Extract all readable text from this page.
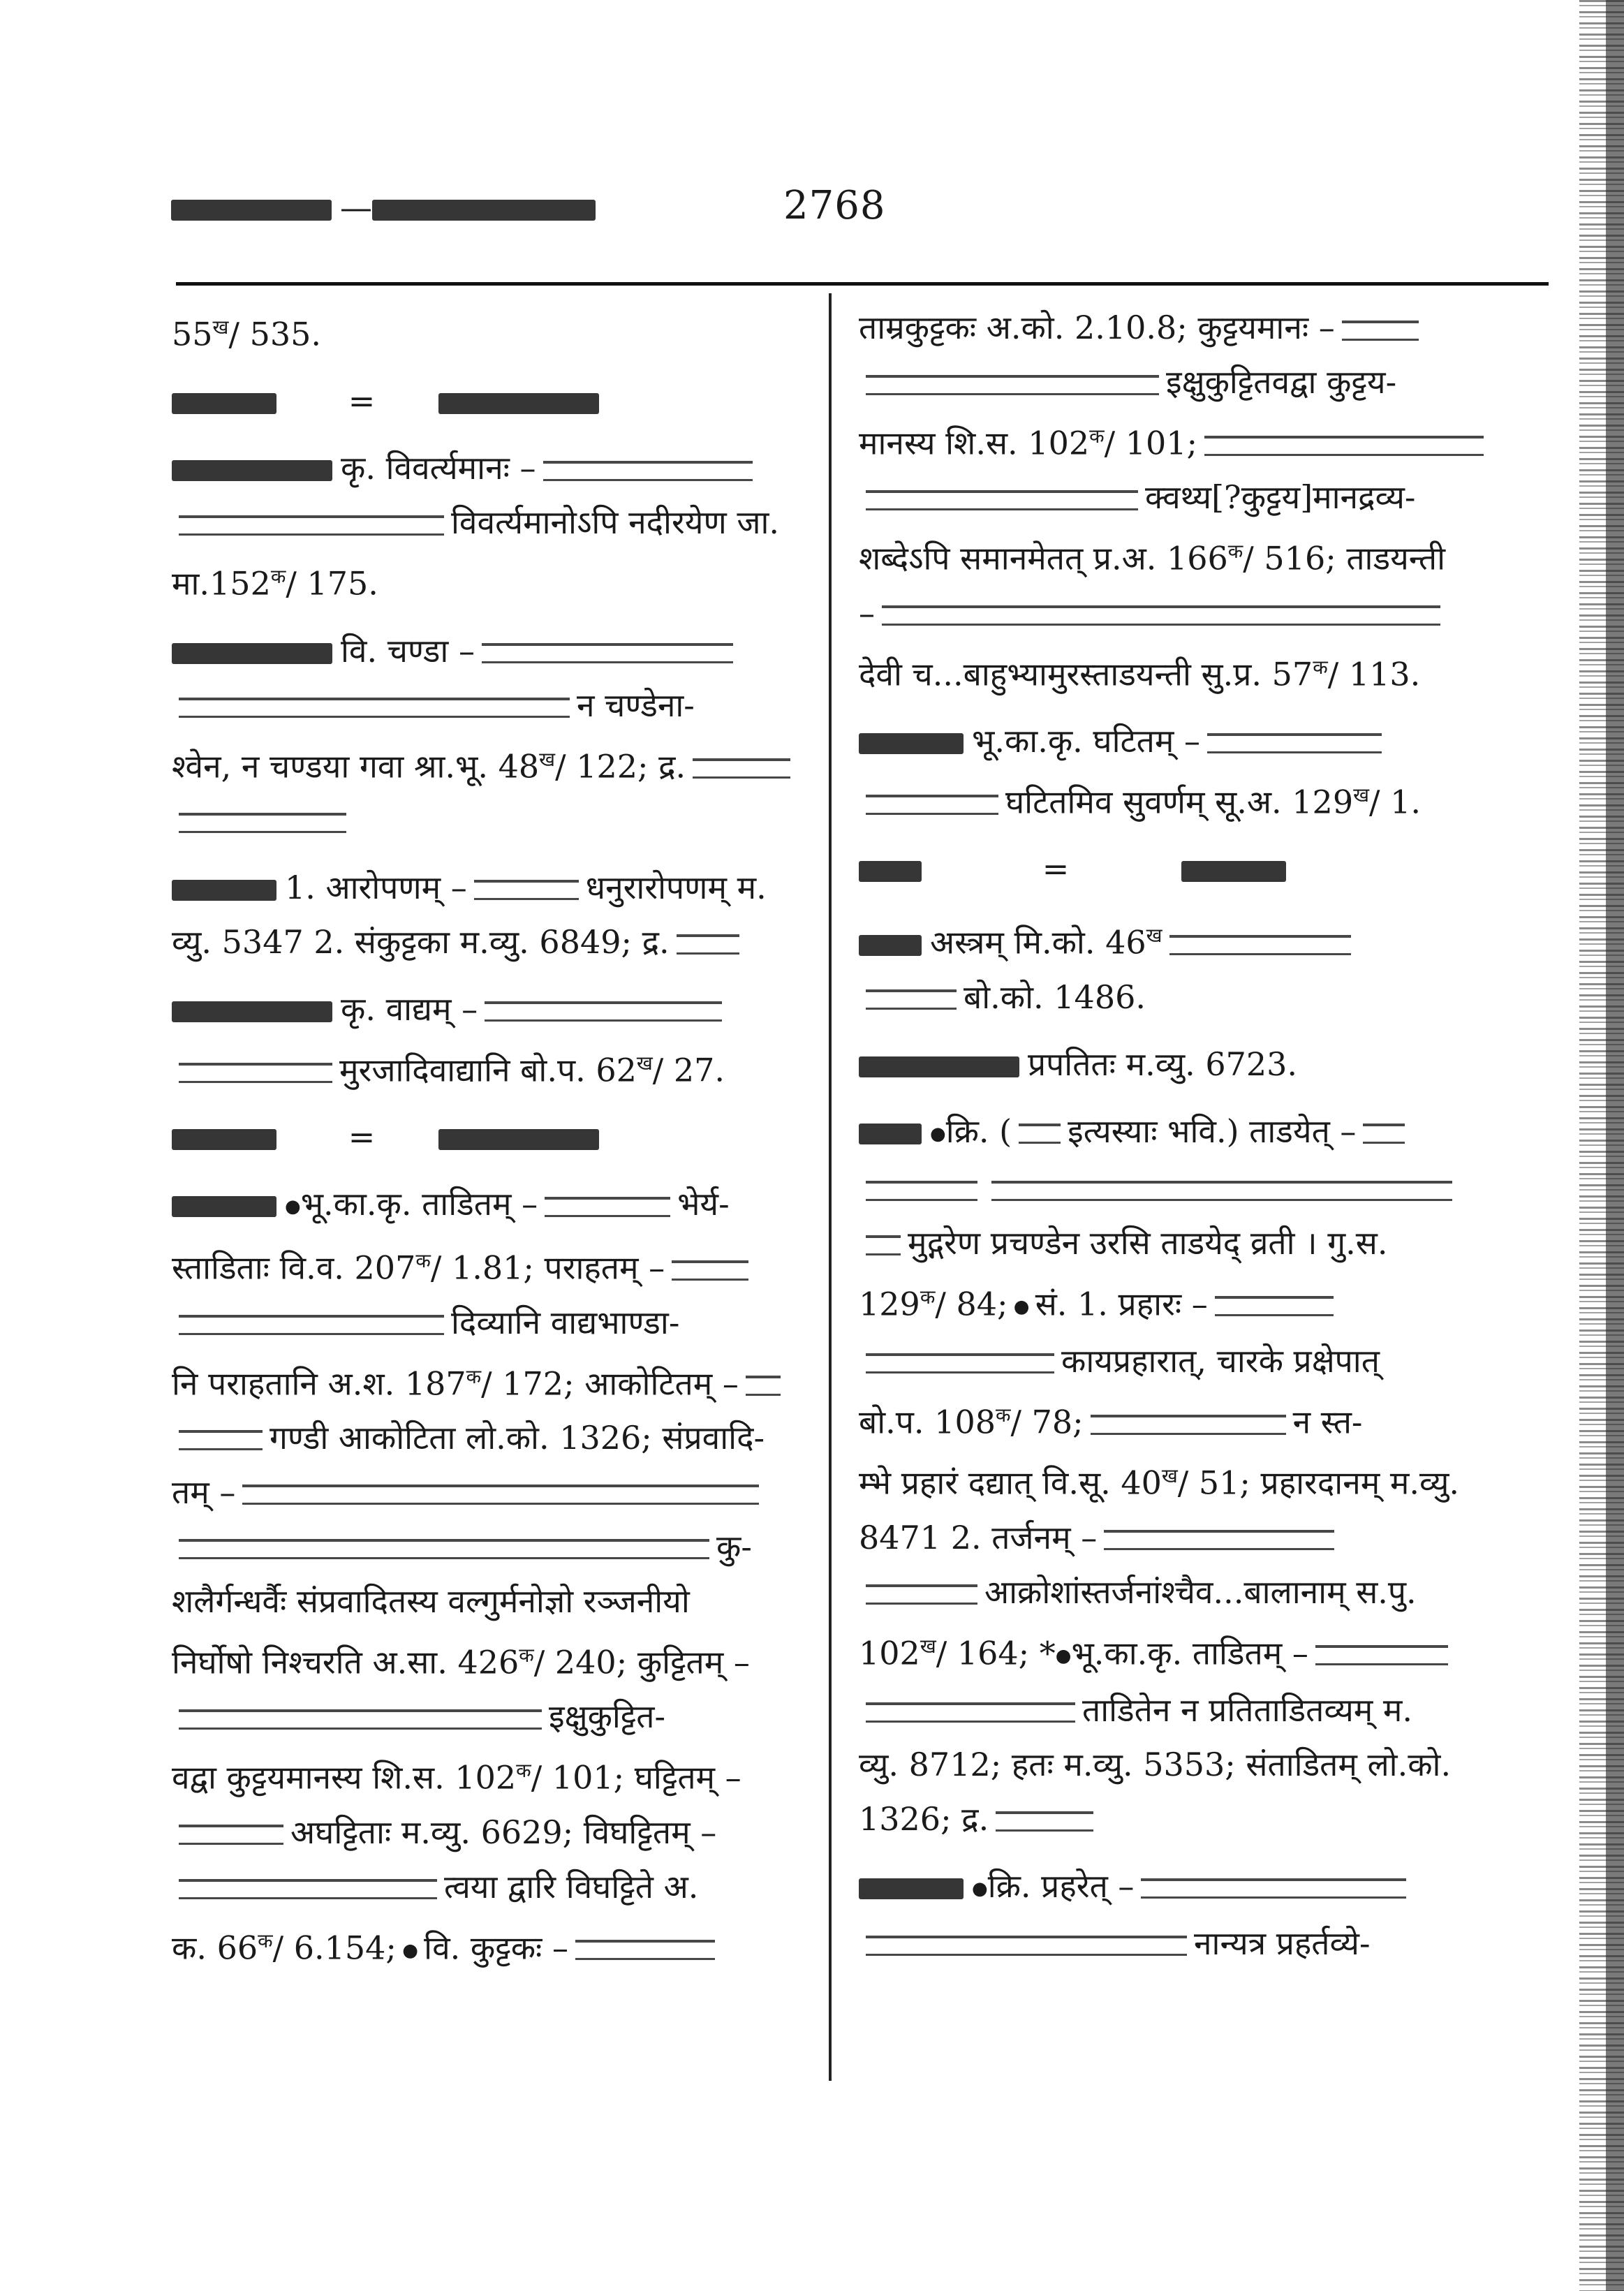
—	2768
$55^ख/$ 535.
=
कृ. विवर्त्यमानः –
विवर्त्यमानोऽपि नदीरयेण जा.
$मा.152^क/$ 175.
वि. चण्डा –
न चण्डेना-
श्वेन, न चण्डया गवा श्रा.भू. $48^ख/$ 122; द्र.
1. आरोपणम् –	धनुरारोपणम् म.
व्यु. 5347 2. संकुट्टका म.व्यु. 6849; द्र.
कृ. वाद्यम् –
मुरजादिवाद्यानि बो.प. $62^ख/$ 27.
=
●भू.का.कृ. ताडितम् –	भेर्य-
स्ताडिताः वि.व. $207^क/$ 1.81; पराहतम् –
दिव्यानि वाद्यभाण्डा-
नि पराहतानि अ.श. $187^क/$ 172; आकोटितम् –
गण्डी आकोटिता लो.को. 1326; संप्रवादि-
तम् –
कु-
शलैर्गन्धर्वैः संप्रवादितस्य वल्गुर्मनोज्ञो रञ्जनीयो
निर्घोषो निश्चरति अ.सा. $426^क/$ 240; कुट्टितम् –
इक्षुकुट्टित-
वद्वा कुट्टयमानस्य शि.स. $102^क/$ 101; घट्टितम् –
अघट्टिताः म.व्यु. 6629; विघट्टितम् –
त्वया द्वारि विघट्टिते अ.
क. $66^क/$ 6.154; ● वि. कुट्टकः –
ताम्रकुट्टकः अ.को. 2.10.8; कुट्टयमानः –
इक्षुकुट्टितवद्वा कुट्टय-
मानस्य शि.स. $102^क/$ 101;
क्वथ्य[?कुट्टय]मानद्रव्य-
शब्देऽपि समानमेतत् प्र.अ. $166^क/$ 516; ताडयन्ती
–
देवी च...बाहुभ्यामुरस्ताडयन्ती सु.प्र. $57^क/$ 113.
भू.का.कृ. घटितम् –
घटितमिव सुवर्णम् सू.अ. $129^ख/$ 1.
=
अस्त्रम् मि.को. $46^ख$
बो.को. 1486.
प्रपतितः म.व्यु. 6723.
●क्रि. ( इत्यस्याः भवि.) ताडयेत् –
मुद्गरेण प्रचण्डेन उरसि ताडयेद् व्रती । गु.स.
$129^क/$ 84; ● सं. 1. प्रहारः –
कायप्रहारात्, चारके प्रक्षेपात्
बो.प. $108^क/$ 78;	न स्त-
म्भे प्रहारं दद्यात् वि.सू. $40^ख/$ 51; प्रहारदानम् म.व्यु.
8471 2. तर्जनम् –
आक्रोशांस्तर्जनांश्चैव...बालानाम् स.पु.
$102^ख/$ 164; *●भू.का.कृ. ताडितम् –
ताडितेन न प्रतिताडितव्यम् म.
व्यु. 8712; हतः म.व्यु. 5353; संताडितम् लो.को.
1326; द्र.
●क्रि. प्रहरेत् –
नान्यत्र प्रहर्तव्ये-
